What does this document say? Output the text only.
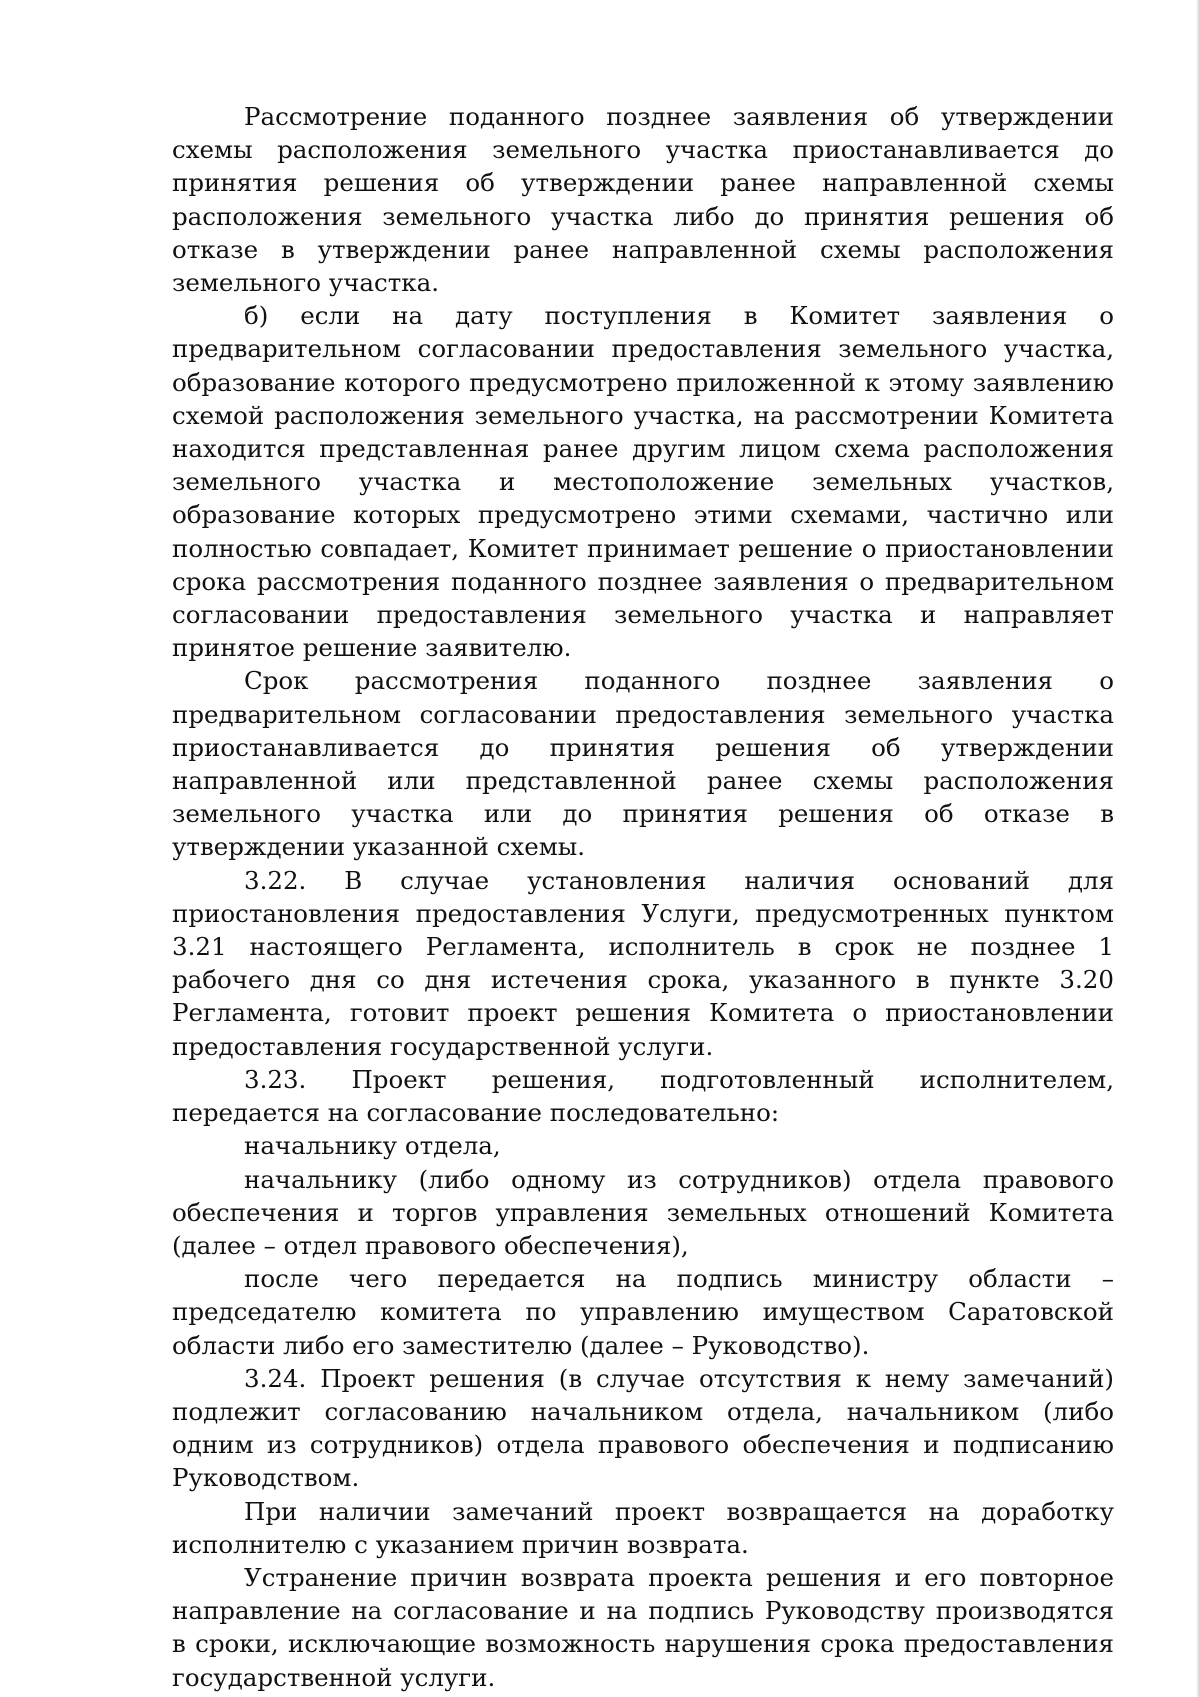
Рассмотрение поданного позднее заявления об утверждении схемы расположения земельного участка приостанавливается до принятия решения об утверждении ранее направленной схемы расположения земельного участка либо до принятия решения об отказе в утверждении ранее направленной схемы расположения земельного участка.

б) если на дату поступления в Комитет заявления о предварительном согласовании предоставления земельного участка, образование которого предусмотрено приложенной к этому заявлению схемой расположения земельного участка, на рассмотрении Комитета находится представленная ранее другим лицом схема расположения земельного участка и местоположение земельных участков, образование которых предусмотрено этими схемами, частично или полностью совпадает, Комитет принимает решение о приостановлении срока рассмотрения поданного позднее заявления о предварительном согласовании предоставления земельного участка и направляет принятое решение заявителю.

Срок рассмотрения поданного позднее заявления о предварительном согласовании предоставления земельного участка приостанавливается до принятия решения об утверждении направленной или представленной ранее схемы расположения земельного участка или до принятия решения об отказе в утверждении указанной схемы.

3.22. В случае установления наличия оснований для приостановления предоставления Услуги, предусмотренных пунктом 3.21 настоящего Регламента, исполнитель в срок не позднее 1 рабочего дня со дня истечения срока, указанного в пункте 3.20 Регламента, готовит проект решения Комитета о приостановлении предоставления государственной услуги.

3.23. Проект решения, подготовленный исполнителем, передается на согласование последовательно:

начальнику отдела,

начальнику (либо одному из сотрудников) отдела правового обеспечения и торгов управления земельных отношений Комитета (далее – отдел правового обеспечения),

после чего передается на подпись министру области – председателю комитета по управлению имуществом Саратовской области либо его заместителю (далее – Руководство).

3.24. Проект решения (в случае отсутствия к нему замечаний) подлежит согласованию начальником отдела, начальником (либо одним из сотрудников) отдела правового обеспечения и подписанию Руководством.

При наличии замечаний проект возвращается на доработку исполнителю с указанием причин возврата.

Устранение причин возврата проекта решения и его повторное направление на согласование и на подпись Руководству производятся в сроки, исключающие возможность нарушения срока предоставления государственной услуги.
